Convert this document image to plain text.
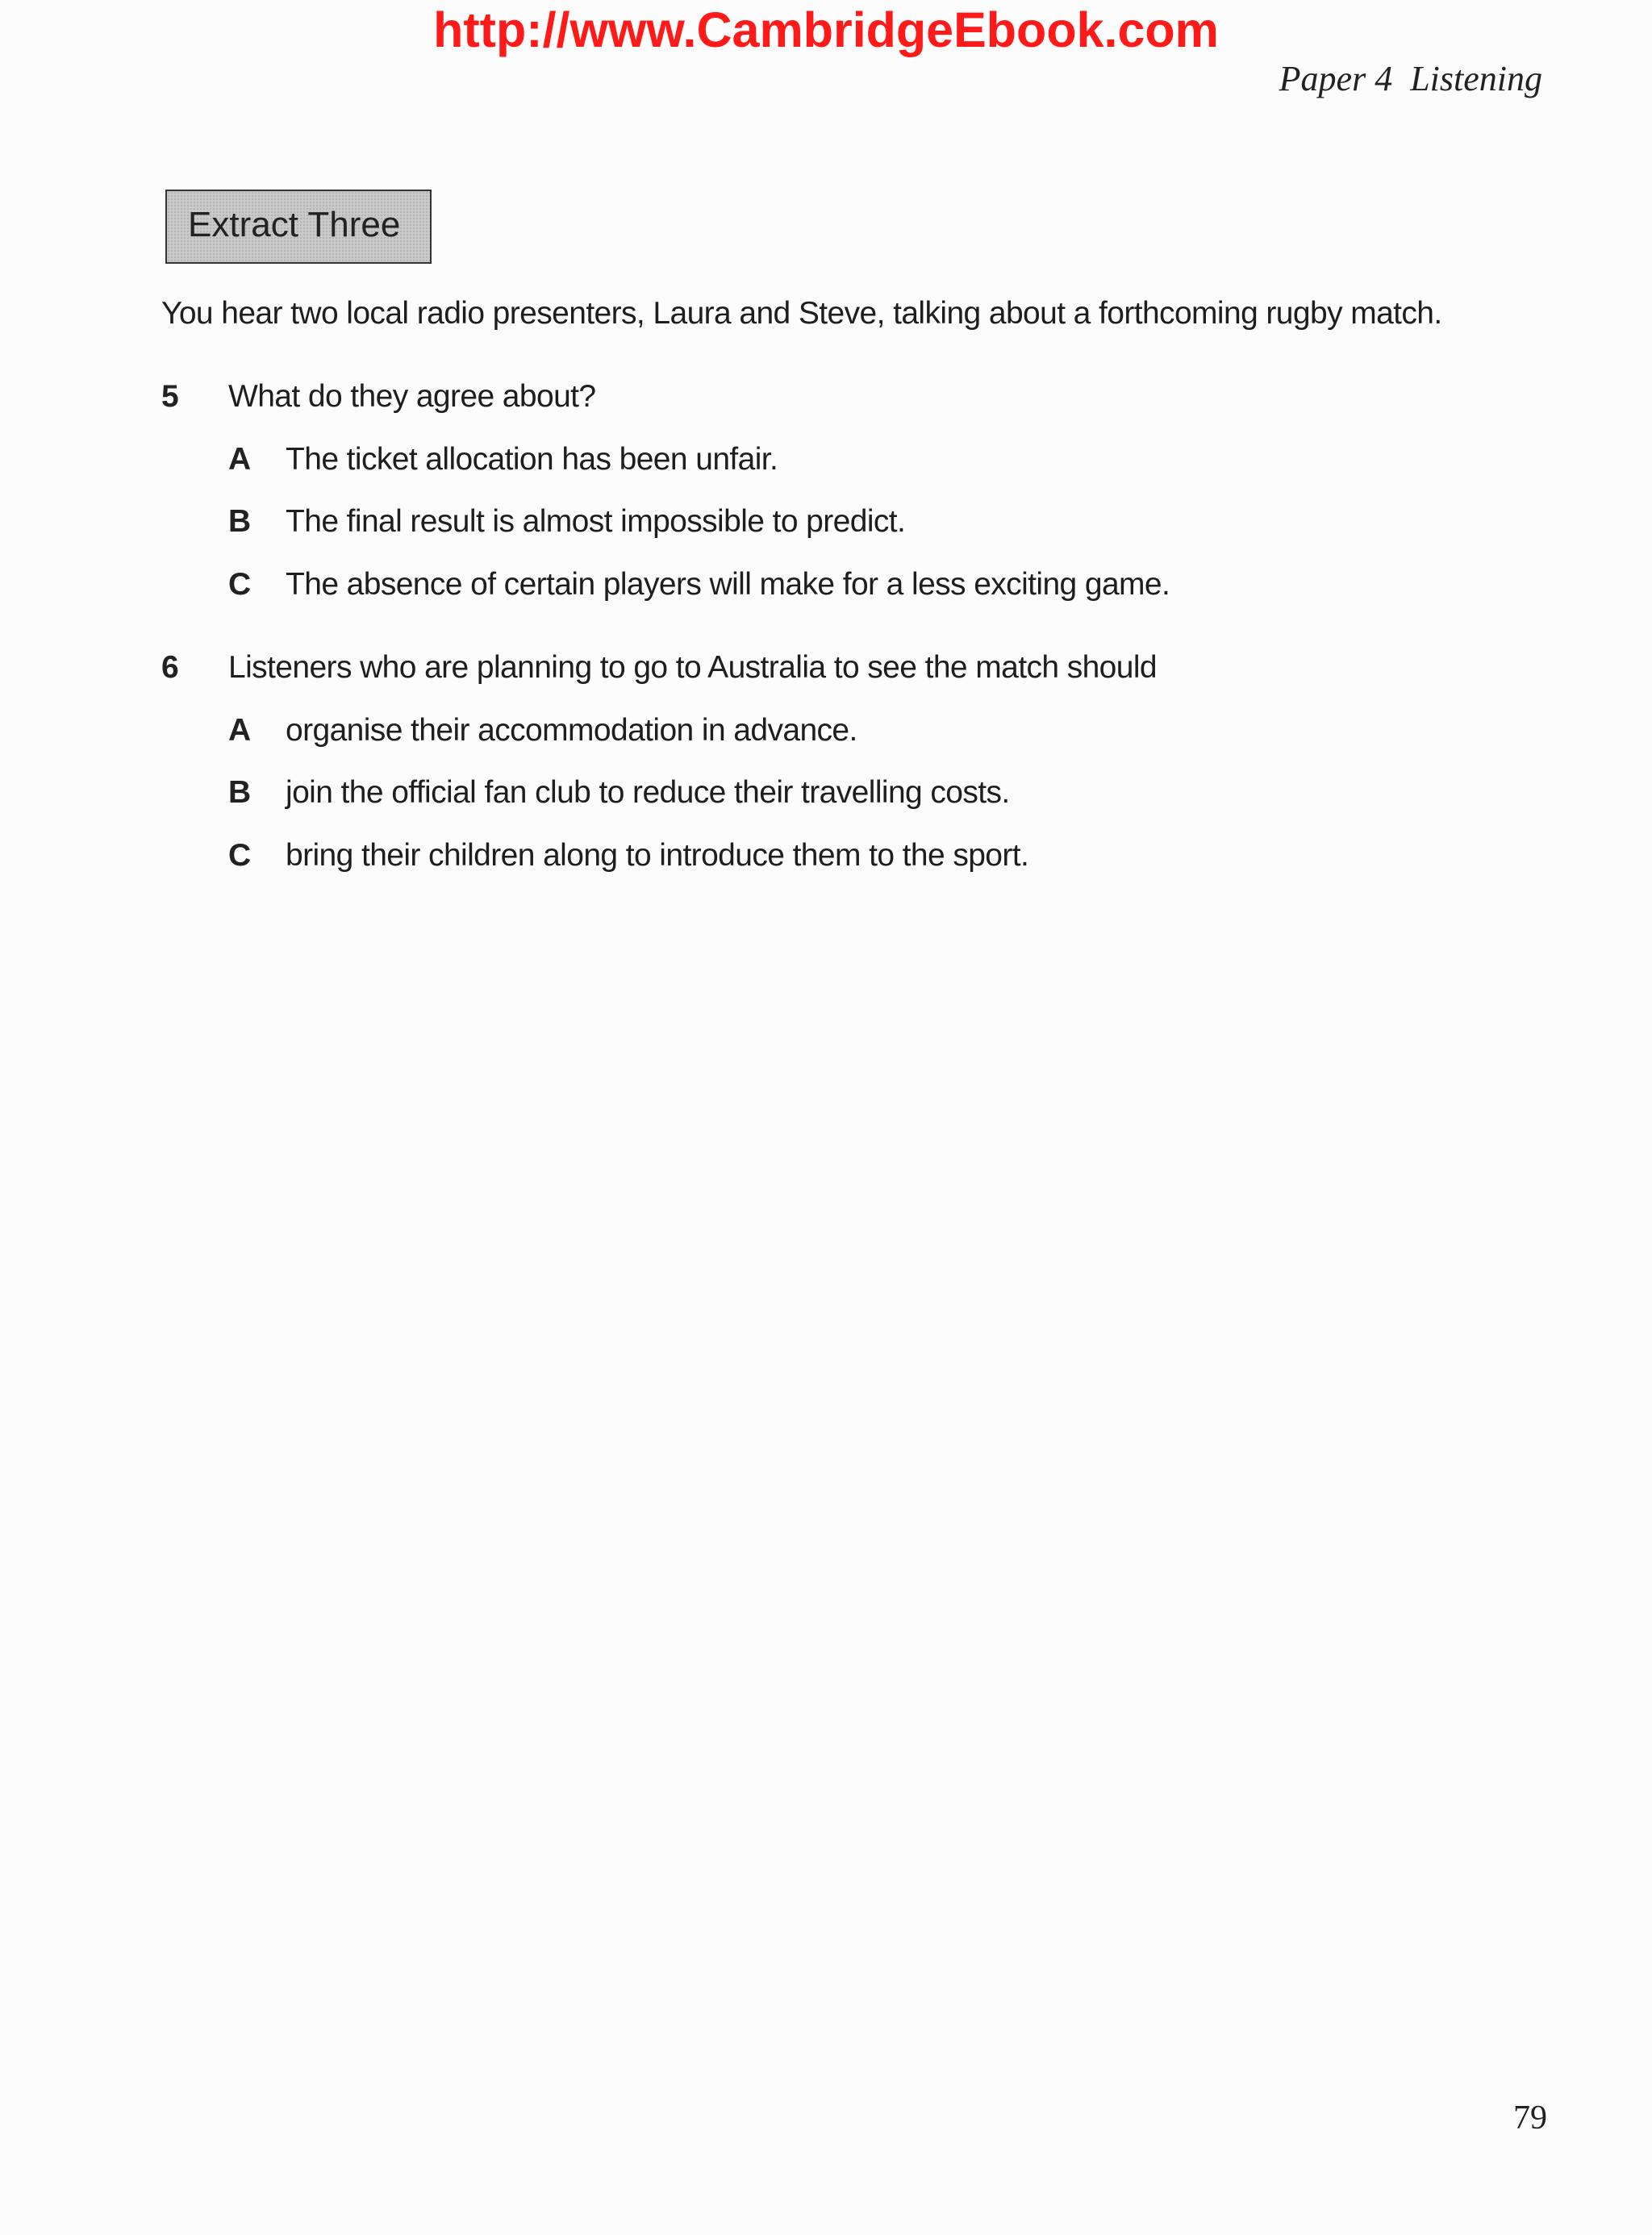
http://www.CambridgeEbook.com
Paper 4 Listening
Extract Three
You hear two local radio presenters, Laura and Steve, talking about a forthcoming rugby match.
5 What do they agree about?
A The ticket allocation has been unfair.
B The final result is almost impossible to predict.
C The absence of certain players will make for a less exciting game.
6 Listeners who are planning to go to Australia to see the match should
A organise their accommodation in advance.
B join the official fan club to reduce their travelling costs.
C bring their children along to introduce them to the sport.
79
